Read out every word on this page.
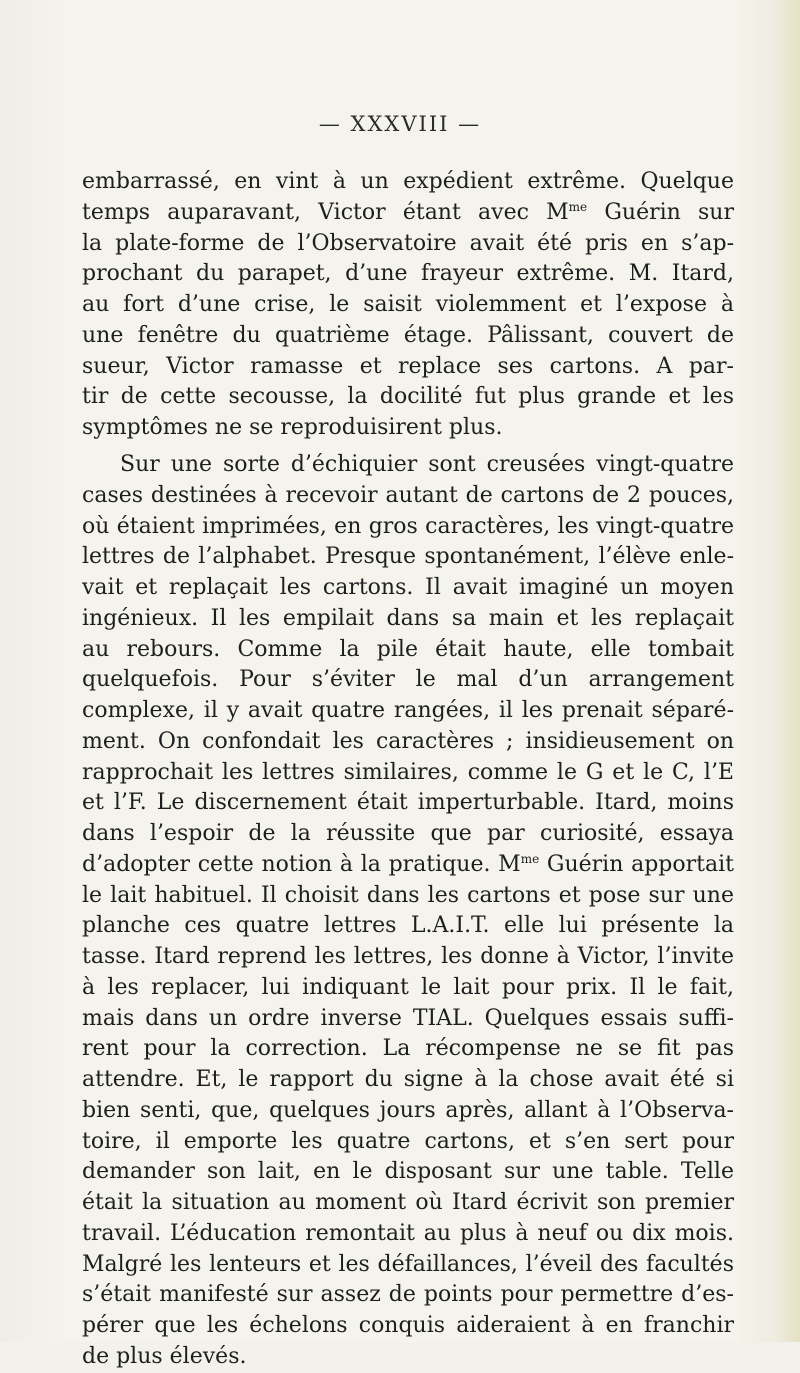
— XXXVIII —
embarrassé, en vint à un expédient extrême. Quelque
temps auparavant, Victor étant avec $M^{me}$ Guérin sur
la plate-forme de l’Observatoire avait été pris en s’ap-
prochant du parapet, d’une frayeur extrême. M. Itard,
au fort d’une crise, le saisit violemment et l’expose à
une fenêtre du quatrième étage. Pâlissant, couvert de
sueur, Victor ramasse et replace ses cartons. A par-
tir de cette secousse, la docilité fut plus grande et les
symptômes ne se reproduisirent plus.
Sur une sorte d’échiquier sont creusées vingt-quatre
cases destinées à recevoir autant de cartons de 2 pouces,
où étaient imprimées, en gros caractères, les vingt-quatre
lettres de l’alphabet. Presque spontanément, l’élève enle-
vait et replaçait les cartons. Il avait imaginé un moyen
ingénieux. Il les empilait dans sa main et les replaçait
au rebours. Comme la pile était haute, elle tombait
quelquefois. Pour s’éviter le mal d’un arrangement
complexe, il y avait quatre rangées, il les prenait séparé-
ment. On confondait les caractères ; insidieusement on
rapprochait les lettres similaires, comme le G et le C, l’E
et l’F. Le discernement était imperturbable. Itard, moins
dans l’espoir de la réussite que par curiosité, essaya
d’adopter cette notion à la pratique. $M^{me}$ Guérin apportait
le lait habituel. Il choisit dans les cartons et pose sur une
planche ces quatre lettres L.A.I.T. elle lui présente la
tasse. Itard reprend les lettres, les donne à Victor, l’invite
à les replacer, lui indiquant le lait pour prix. Il le fait,
mais dans un ordre inverse TIAL. Quelques essais suffi-
rent pour la correction. La récompense ne se fit pas
attendre. Et, le rapport du signe à la chose avait été si
bien senti, que, quelques jours après, allant à l’Observa-
toire, il emporte les quatre cartons, et s’en sert pour
demander son lait, en le disposant sur une table. Telle
était la situation au moment où Itard écrivit son premier
travail. L’éducation remontait au plus à neuf ou dix mois.
Malgré les lenteurs et les défaillances, l’éveil des facultés
s’était manifesté sur assez de points pour permettre d’es-
pérer que les échelons conquis aideraient à en franchir
de plus élevés.
